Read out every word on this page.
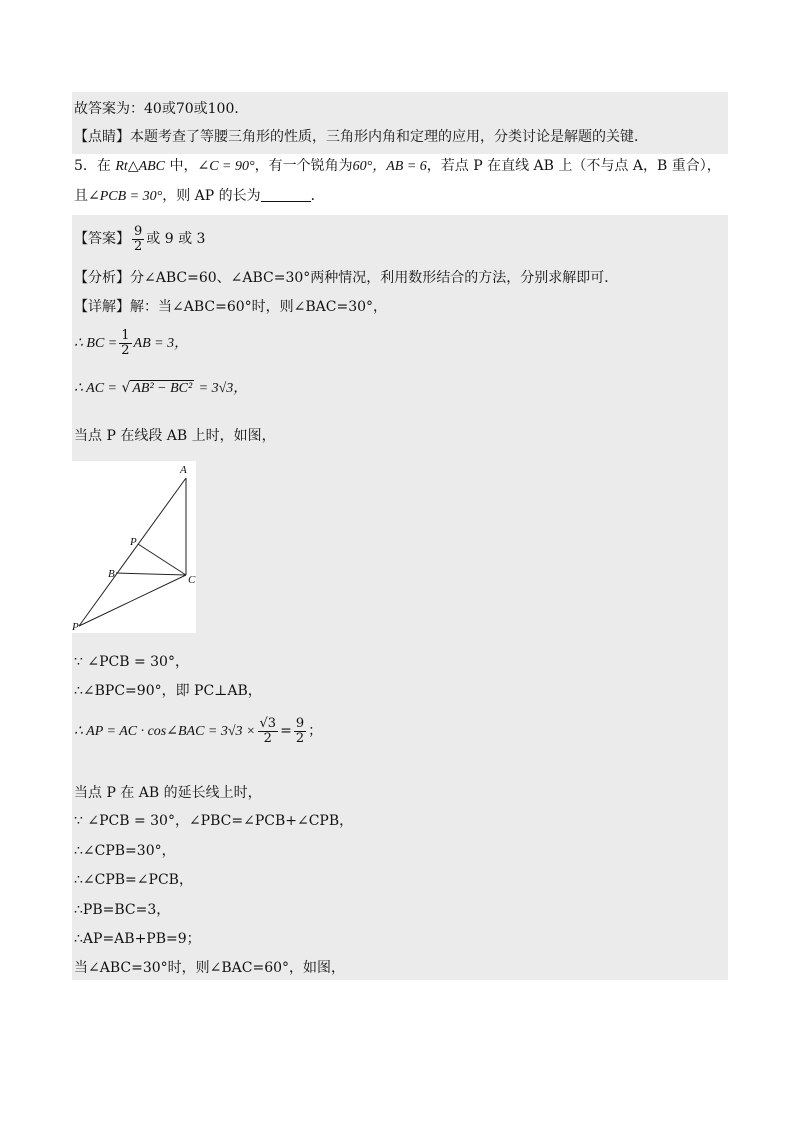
故答案为：40或70或100．
【点睛】本题考查了等腰三角形的性质，三角形内角和定理的应用，分类讨论是解题的关键．
5．在 Rt△ABC 中，∠C = 90°，有一个锐角为60°，AB = 6，若点 P 在直线 AB 上（不与点 A，B 重合），
且∠PCB = 30°，则 AP 的长为	．
【答案】 $\frac{9}{2}$ 或 9 或 3
【分析】分∠ABC=60、∠ABC=30°两种情况，利用数形结合的方法，分别求解即可．
【详解】解：当∠ABC=60°时，则∠BAC=30°，
∴ BC = $\frac{1}{2}$ AB = 3，
∴ AC = √ AB² − BC² = 3√3，
当点 P 在线段 AB 上时，如图，
A
P
B	C
P
∵ ∠PCB = 30°，
∴∠BPC=90°，即 PC⊥AB，
∴ AP = AC · cos∠BAC = $3√3 \times \frac{√3}{2} = \frac{9}{2}$ ；
当点 P 在 AB 的延长线上时，
∵ ∠PCB = 30°，∠PBC=∠PCB+∠CPB，
∴∠CPB=30°，
∴∠CPB=∠PCB，
∴PB=BC=3，
∴AP=AB+PB=9；
当∠ABC=30°时，则∠BAC=60°，如图，
